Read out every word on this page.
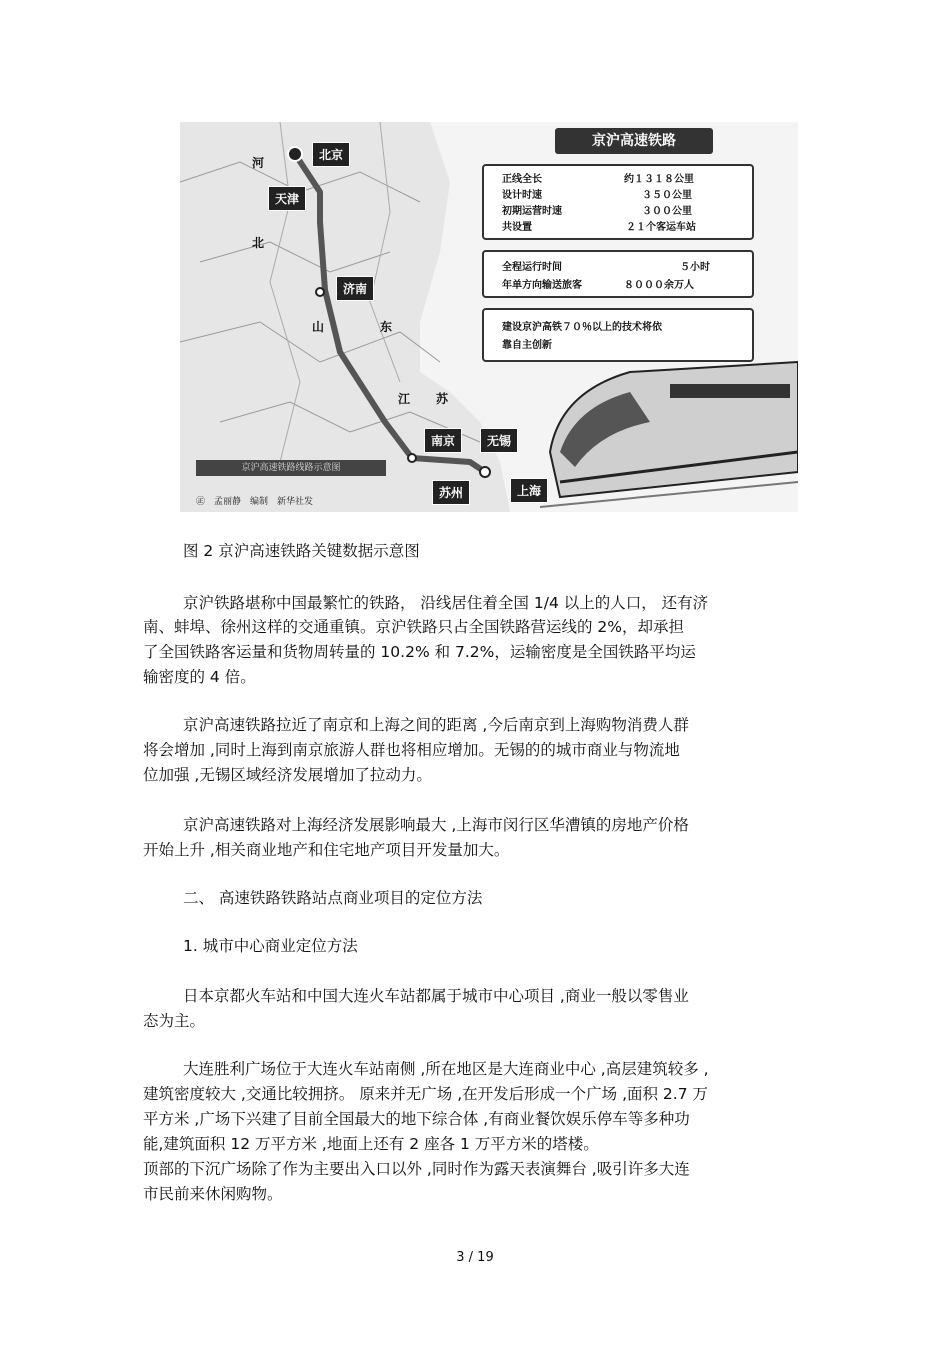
河
北
山	东
江 苏
北京
天津
济南
南京	无锡
苏州	上海
京沪高速铁路
正线全长	约１３１８公里
设计时速	３５０公里
初期运营时速	３００公里
共设置	２１个客运车站
全程运行时间	５小时
年单方向输送旅客	８０００余万人
建设京沪高铁７０％以上的技术将依
靠自主创新
京沪高速铁路线路示意图
㊣　孟丽静　编制　新华社发
图 2 京沪高速铁路关键数据示意图
京沪铁路堪称中国最繁忙的铁路， 沿线居住着全国 1/4 以上的人口， 还有济
南、蚌埠、徐州这样的交通重镇。京沪铁路只占全国铁路营运线的 2%，却承担
了全国铁路客运量和货物周转量的 10.2% 和 7.2%，运输密度是全国铁路平均运
输密度的 4 倍。
京沪高速铁路拉近了南京和上海之间的距离 ,今后南京到上海购物消费人群
将会增加 ,同时上海到南京旅游人群也将相应增加。无锡的的城市商业与物流地
位加强 ,无锡区域经济发展增加了拉动力。
京沪高速铁路对上海经济发展影响最大 ,上海市闵行区华漕镇的房地产价格
开始上升 ,相关商业地产和住宅地产项目开发量加大。
二、 高速铁路铁路站点商业项目的定位方法
1. 城市中心商业定位方法
日本京都火车站和中国大连火车站都属于城市中心项目 ,商业一般以零售业
态为主。
大连胜利广场位于大连火车站南侧 ,所在地区是大连商业中心 ,高层建筑较多 ,
建筑密度较大 ,交通比较拥挤。 原来并无广场 ,在开发后形成一个广场 ,面积 2.7 万
平方米 ,广场下兴建了目前全国最大的地下综合体 ,有商业餐饮娱乐停车等多种功
能,建筑面积 12 万平方米 ,地面上还有 2 座各 1 万平方米的塔楼。
顶部的下沉广场除了作为主要出入口以外 ,同时作为露天表演舞台 ,吸引许多大连
市民前来休闲购物。
3 / 19
